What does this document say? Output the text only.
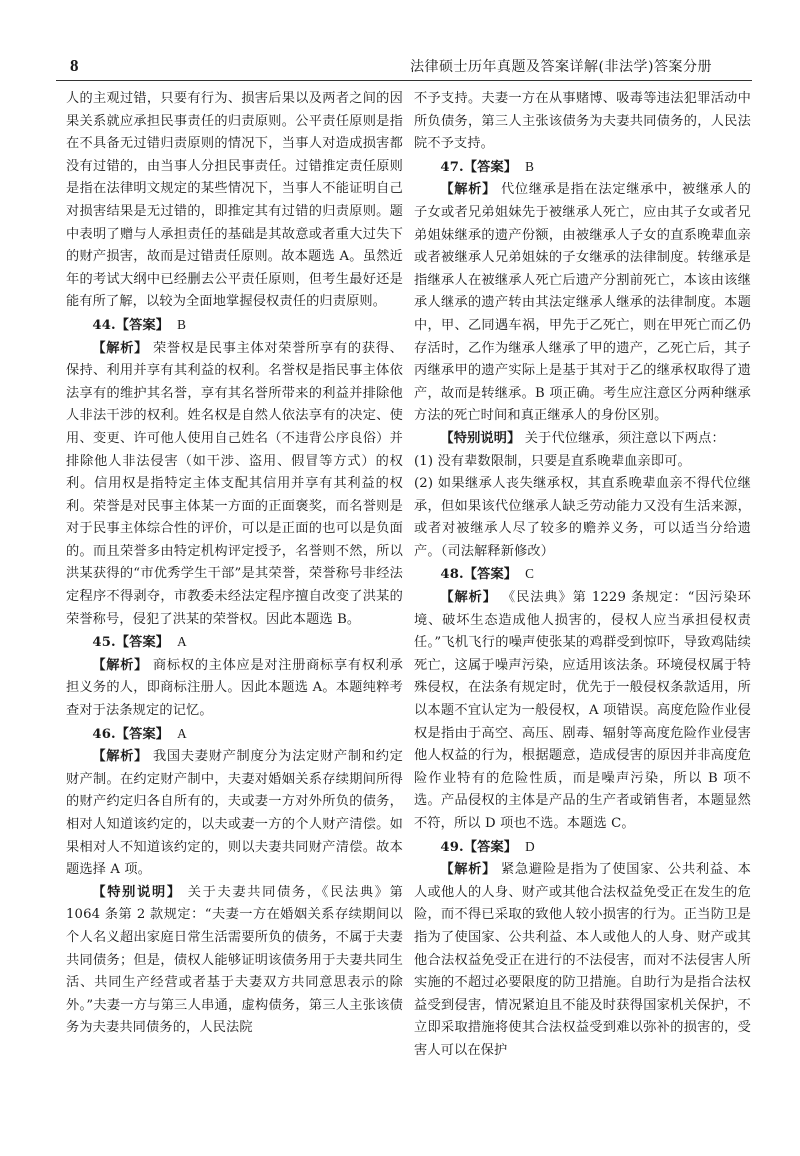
8	法律硕士历年真题及答案详解(非法学)答案分册

人的主观过错，只要有行为、损害后果以及两者之间的因果关系就应承担民事责任的归责原则。公平责任原则是指在不具备无过错归责原则的情况下，当事人对造成损害都没有过错的，由当事人分担民事责任。过错推定责任原则是指在法律明文规定的某些情况下，当事人不能证明自己对损害结果是无过错的，即推定其有过错的归责原则。题中表明了赠与人承担责任的基础是其故意或者重大过失下的财产损害，故而是过错责任原则。故本题选 A。虽然近年的考试大纲中已经删去公平责任原则，但考生最好还是能有所了解，以较为全面地掌握侵权责任的归责原则。

44.【答案】 B

【解析】 荣誉权是民事主体对荣誉所享有的获得、保持、利用并享有其利益的权利。名誉权是指民事主体依法享有的维护其名誉，享有其名誉所带来的利益并排除他人非法干涉的权利。姓名权是自然人依法享有的决定、使用、变更、许可他人使用自己姓名（不违背公序良俗）并排除他人非法侵害（如干涉、盗用、假冒等方式）的权利。信用权是指特定主体支配其信用并享有其利益的权利。荣誉是对民事主体某一方面的正面褒奖，而名誉则是对于民事主体综合性的评价，可以是正面的也可以是负面的。而且荣誉多由特定机构评定授予，名誉则不然，所以洪某获得的“市优秀学生干部”是其荣誉，荣誉称号非经法定程序不得剥夺，市教委未经法定程序擅自改变了洪某的荣誉称号，侵犯了洪某的荣誉权。因此本题选 B。

45.【答案】 A

【解析】 商标权的主体应是对注册商标享有权利承担义务的人，即商标注册人。因此本题选 A。本题纯粹考查对于法条规定的记忆。

46.【答案】 A

【解析】 我国夫妻财产制度分为法定财产制和约定财产制。在约定财产制中，夫妻对婚姻关系存续期间所得的财产约定归各自所有的，夫或妻一方对外所负的债务，相对人知道该约定的，以夫或妻一方的个人财产清偿。如果相对人不知道该约定的，则以夫妻共同财产清偿。故本题选择 A 项。

【特别说明】 关于夫妻共同债务，《民法典》第 1064 条第 2 款规定：“夫妻一方在婚姻关系存续期间以个人名义超出家庭日常生活需要所负的债务，不属于夫妻共同债务；但是，债权人能够证明该债务用于夫妻共同生活、共同生产经营或者基于夫妻双方共同意思表示的除外。”夫妻一方与第三人串通，虚构债务，第三人主张该债务为夫妻共同债务的，人民法院

不予支持。夫妻一方在从事赌博、吸毒等违法犯罪活动中所负债务，第三人主张该债务为夫妻共同债务的，人民法院不予支持。

47.【答案】 B

【解析】 代位继承是指在法定继承中，被继承人的子女或者兄弟姐妹先于被继承人死亡，应由其子女或者兄弟姐妹继承的遗产份额，由被继承人子女的直系晚辈血亲或者被继承人兄弟姐妹的子女继承的法律制度。转继承是指继承人在被继承人死亡后遗产分割前死亡，本该由该继承人继承的遗产转由其法定继承人继承的法律制度。本题中，甲、乙同遇车祸，甲先于乙死亡，则在甲死亡而乙仍存活时，乙作为继承人继承了甲的遗产，乙死亡后，其子丙继承甲的遗产实际上是基于其对于乙的继承权取得了遗产，故而是转继承。B 项正确。考生应注意区分两种继承方法的死亡时间和真正继承人的身份区别。

【特别说明】 关于代位继承，须注意以下两点：

(1) 没有辈数限制，只要是直系晚辈血亲即可。

(2) 如果继承人丧失继承权，其直系晚辈血亲不得代位继承，但如果该代位继承人缺乏劳动能力又没有生活来源，或者对被继承人尽了较多的赡养义务，可以适当分给遗产。（司法解释新修改）

48.【答案】 C

【解析】 《民法典》第 1229 条规定：“因污染环境、破坏生态造成他人损害的，侵权人应当承担侵权责任。”飞机飞行的噪声使张某的鸡群受到惊吓，导致鸡陆续死亡，这属于噪声污染，应适用该法条。环境侵权属于特殊侵权，在法条有规定时，优先于一般侵权条款适用，所以本题不宜认定为一般侵权，A 项错误。高度危险作业侵权是指由于高空、高压、剧毒、辐射等高度危险作业侵害他人权益的行为，根据题意，造成侵害的原因并非高度危险作业特有的危险性质，而是噪声污染，所以 B 项不选。产品侵权的主体是产品的生产者或销售者，本题显然不符，所以 D 项也不选。本题选 C。

49.【答案】 D

【解析】 紧急避险是指为了使国家、公共利益、本人或他人的人身、财产或其他合法权益免受正在发生的危险，而不得已采取的致他人较小损害的行为。正当防卫是指为了使国家、公共利益、本人或他人的人身、财产或其他合法权益免受正在进行的不法侵害，而对不法侵害人所实施的不超过必要限度的防卫措施。自助行为是指合法权益受到侵害，情况紧迫且不能及时获得国家机关保护，不立即采取措施将使其合法权益受到难以弥补的损害的，受害人可以在保护
